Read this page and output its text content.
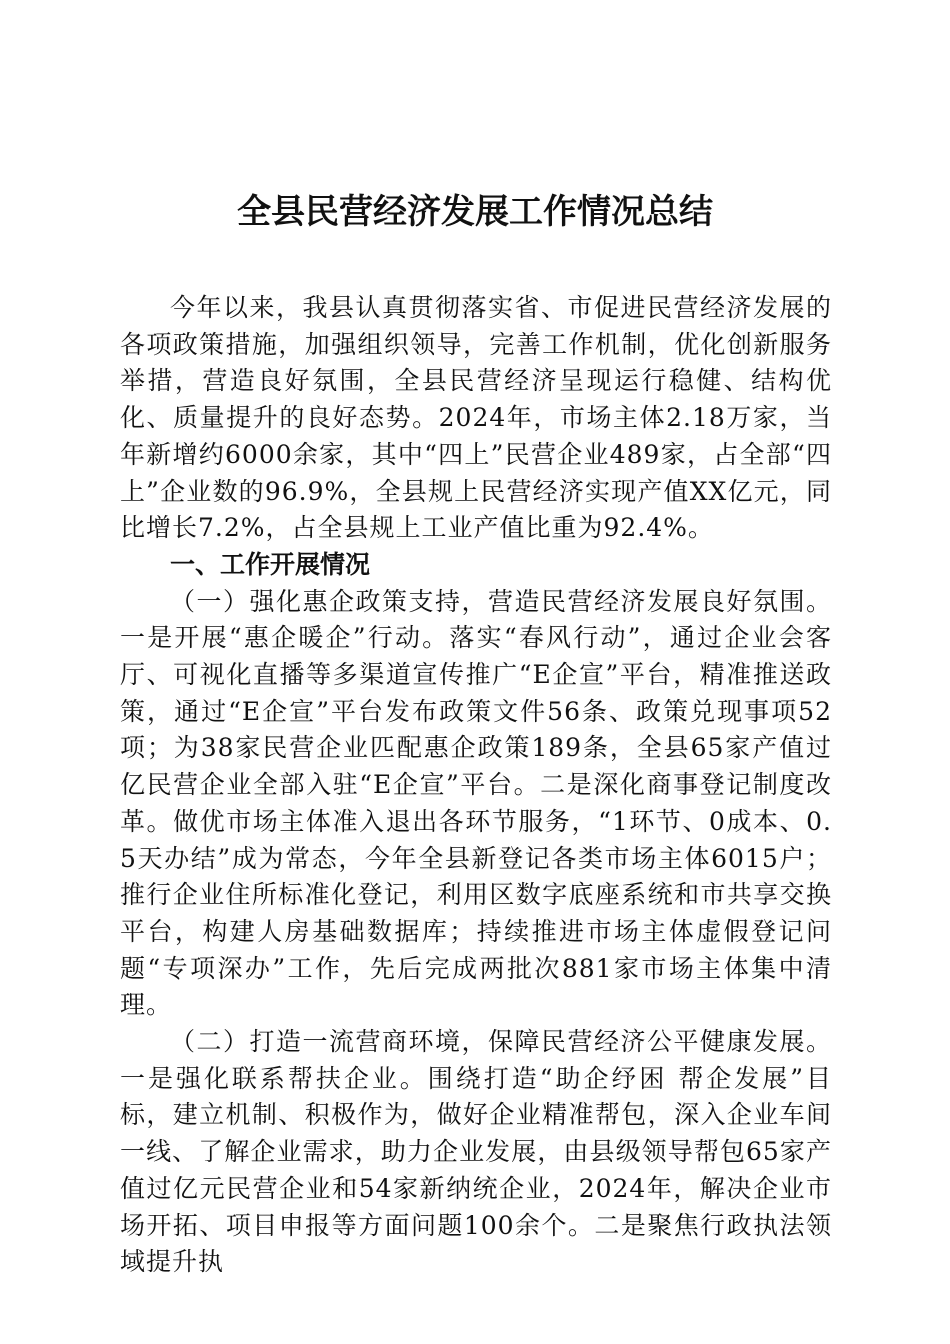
全县民营经济发展工作情况总结

今年以来，我县认真贯彻落实省、市促进民营经济发展的各项政策措施，加强组织领导，完善工作机制，优化创新服务举措，营造良好氛围，全县民营经济呈现运行稳健、结构优化、质量提升的良好态势。2024年，市场主体2.18万家，当年新增约6000余家，其中“四上”民营企业489家，占全部“四上”企业数的96.9%，全县规上民营经济实现产值XX亿元，同比增长7.2%，占全县规上工业产值比重为92.4%。

一、工作开展情况

（一）强化惠企政策支持，营造民营经济发展良好氛围。一是开展“惠企暖企”行动。落实“春风行动”，通过企业会客厅、可视化直播等多渠道宣传推广“E企宣”平台，精准推送政策，通过“E企宣”平台发布政策文件56条、政策兑现事项52项；为38家民营企业匹配惠企政策189条，全县65家产值过亿民营企业全部入驻“E企宣”平台。二是深化商事登记制度改革。做优市场主体准入退出各环节服务，“1环节、0成本、0.5天办结”成为常态，今年全县新登记各类市场主体6015户；推行企业住所标准化登记，利用区数字底座系统和市共享交换平台，构建人房基础数据库；持续推进市场主体虚假登记问题“专项深办”工作，先后完成两批次881家市场主体集中清理。

（二）打造一流营商环境，保障民营经济公平健康发展。一是强化联系帮扶企业。围绕打造“助企纾困 帮企发展”目标，建立机制、积极作为，做好企业精准帮包，深入企业车间一线、了解企业需求，助力企业发展，由县级领导帮包65家产值过亿元民营企业和54家新纳统企业，2024年，解决企业市场开拓、项目申报等方面问题100余个。二是聚焦行政执法领域提升执
